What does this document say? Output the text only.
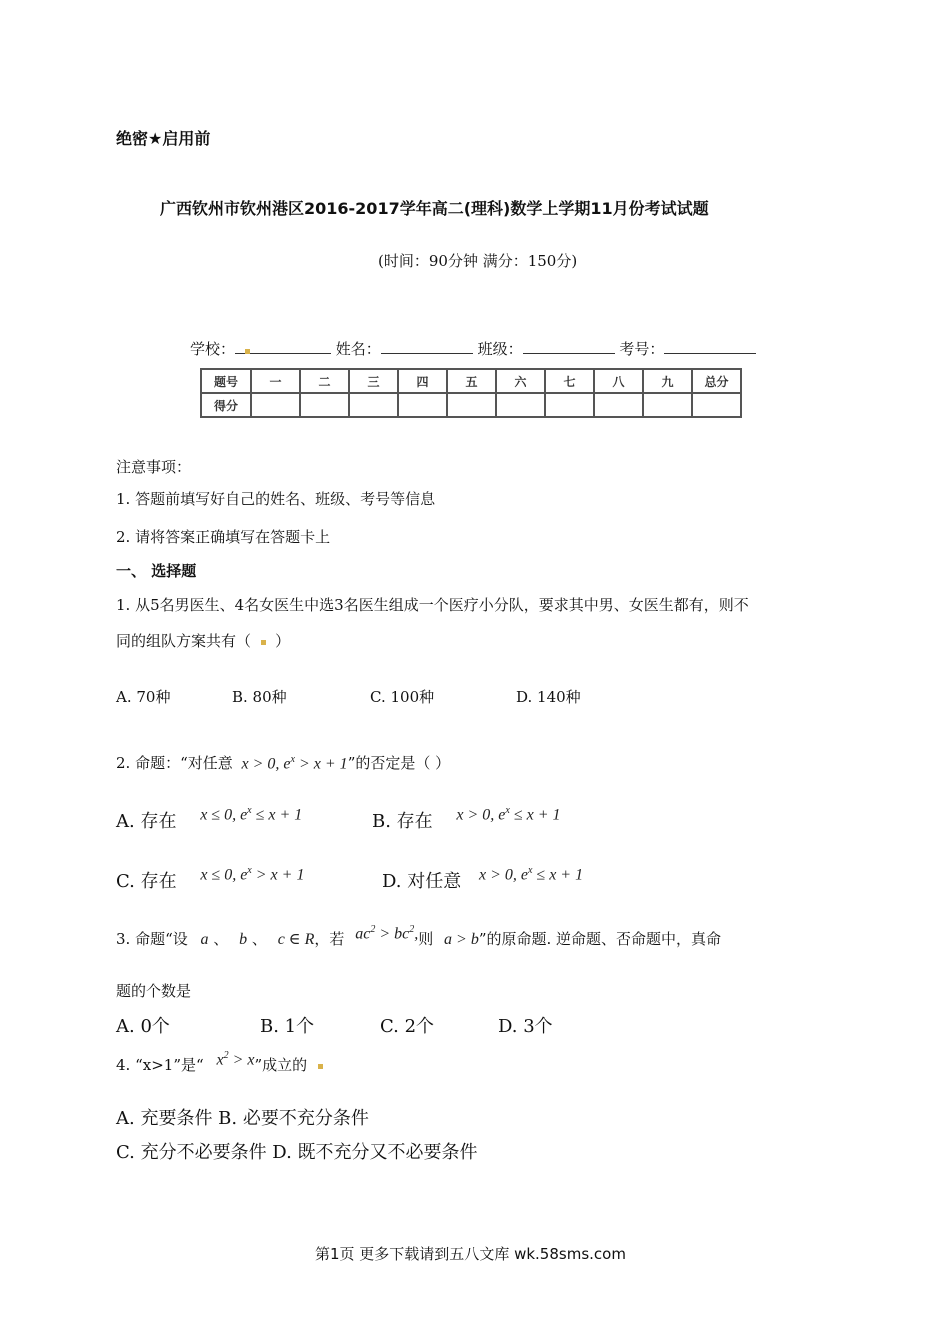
绝密★启用前
广西钦州市钦州港区2016-2017学年高二(理科)数学上学期11月份考试试题
(时间：90分钟 满分：150分)
学校：	姓名：	班级：	考号：
题号	一	二	三	四	五	六	七	八	九	总分
得分										
注意事项：
1. 答题前填写好自己的姓名、班级、考号等信息
2. 请将答案正确填写在答题卡上
一、 选择题
1. 从5名男医生、4名女医生中选3名医生组成一个医疗小分队，要求其中男、女医生都有，则不
同的组队方案共有（ ）
A. 70种	B. 80种	C. 100种	D. 140种
2. 命题：“对任意 x > 0, $e^x > x + 1$”的否定是（ ）
A. 存在 x ≤ 0, $e^x \le x + 1$	B. 存在 x > 0, $e^x \le x + 1$
C. 存在 x ≤ 0, $e^x > x + 1$	D. 对任意 x > 0, $e^x \le x + 1$
3. 命题“设 a 、 b 、 c ∈ R，若 $ac^2 > bc^2$,则 a > b”的原命题. 逆命题、否命题中，真命
题的个数是
A. 0个	B. 1个	C. 2个	D. 3个
4. “x>1”是“ $x^2 > x$”成立的
A. 充要条件 B. 必要不充分条件
C. 充分不必要条件 D. 既不充分又不必要条件
第1页 更多下载请到五八文库 wk.58sms.com
